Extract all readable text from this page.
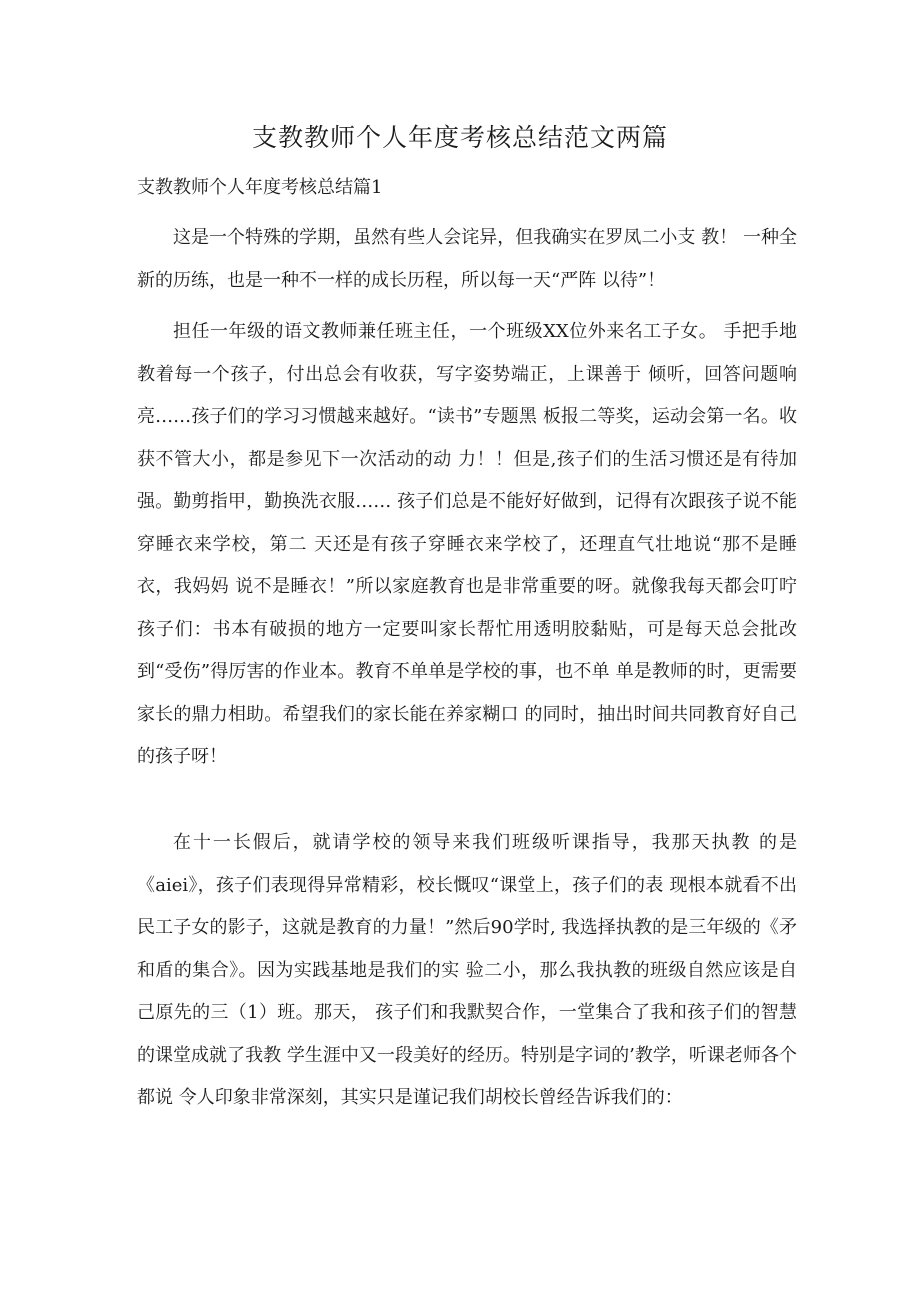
支教教师个人年度考核总结范文两篇
支教教师个人年度考核总结篇1

这是一个特殊的学期，虽然有些人会诧异，但我确实在罗凤二小支 教！ 一种全新的历练，也是一种不一样的成长历程，所以每一天“严阵 以待”！

担任一年级的语文教师兼任班主任，一个班级XX位外来名工子女。 手把手地教着每一个孩子，付出总会有收获，写字姿势端正，上课善于 倾听，回答问题响亮……孩子们的学习习惯越来越好。“读书”专题黑 板报二等奖，运动会第一名。收获不管大小，都是参见下一次活动的动 力！！但是,孩子们的生活习惯还是有待加强。勤剪指甲，勤换洗衣服…… 孩子们总是不能好好做到，记得有次跟孩子说不能穿睡衣来学校，第二 天还是有孩子穿睡衣来学校了，还理直气壮地说“那不是睡衣，我妈妈 说不是睡衣！”所以家庭教育也是非常重要的呀。就像我每天都会叮咛 孩子们：书本有破损的地方一定要叫家长帮忙用透明胶黏贴，可是每天总会批改到“受伤”得厉害的作业本。教育不单单是学校的事，也不单 单是教师的时，更需要家长的鼎力相助。希望我们的家长能在养家糊口 的同时，抽出时间共同教育好自己的孩子呀！

在十一长假后，就请学校的领导来我们班级听课指导，我那天执教 的是《aiei》，孩子们表现得异常精彩，校长慨叹“课堂上，孩子们的表 现根本就看不出民工子女的影子，这就是教育的力量！”然后90学时, 我选择执教的是三年级的《矛和盾的集合》。因为实践基地是我们的实 验二小，那么我执教的班级自然应该是自己原先的三（1）班。那天， 孩子们和我默契合作，一堂集合了我和孩子们的智慧的课堂成就了我教 学生涯中又一段美好的经历。特别是字词的’教学，听课老师各个都说 令人印象非常深刻，其实只是谨记我们胡校长曾经告诉我们的：
